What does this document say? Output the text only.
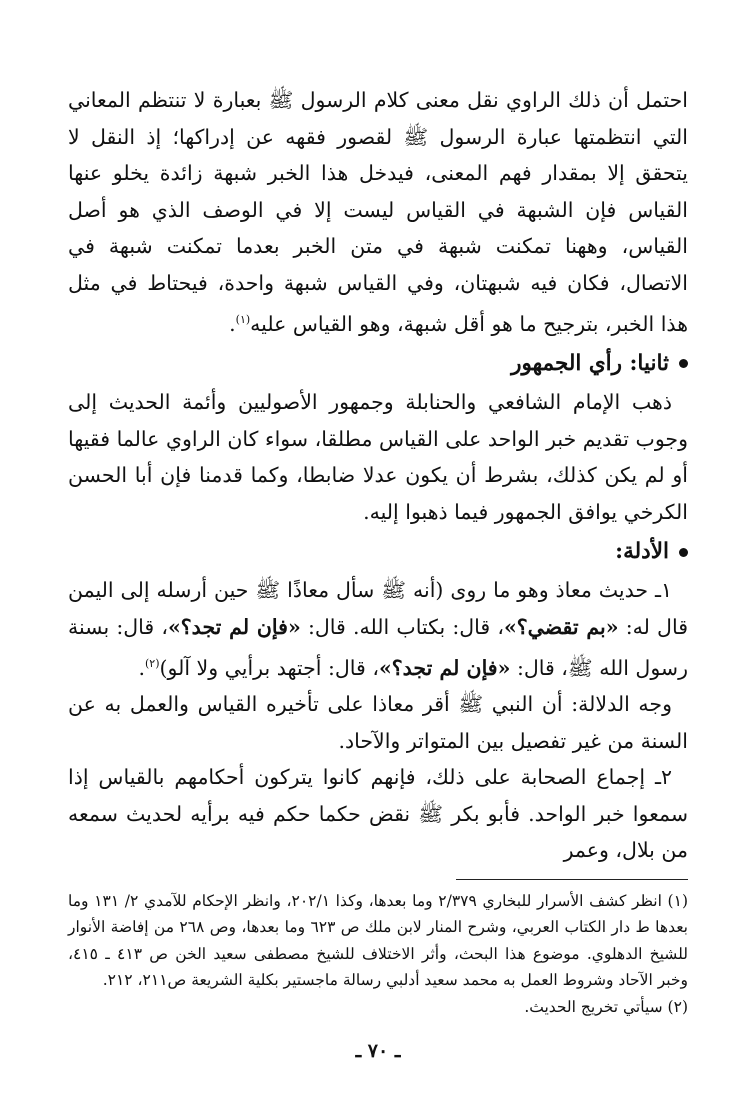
احتمل أن ذلك الراوي نقل معنى كلام الرسول ﷺ بعبارة لا تنتظم المعاني التي انتظمتها عبارة الرسول ﷺ لقصور فقهه عن إدراكها؛ إذ النقل لا يتحقق إلا بمقدار فهم المعنى، فيدخل هذا الخبر شبهة زائدة يخلو عنها القياس فإن الشبهة في القياس ليست إلا في الوصف الذي هو أصل القياس، وههنا تمكنت شبهة في متن الخبر بعدما تمكنت شبهة في الاتصال، فكان فيه شبهتان، وفي القياس شبهة واحدة، فيحتاط في مثل هذا الخبر، بترجيح ما هو أقل شبهة، وهو القياس عليه$^{(١)}$.

ثانيا: رأي الجمهور

ذهب الإمام الشافعي والحنابلة وجمهور الأصوليين وأئمة الحديث إلى وجوب تقديم خبر الواحد على القياس مطلقا، سواء كان الراوي عالما فقيها أو لم يكن كذلك، بشرط أن يكون عدلا ضابطا، وكما قدمنا فإن أبا الحسن الكرخي يوافق الجمهور فيما ذهبوا إليه.

الأدلة:

١ـ حديث معاذ وهو ما روى (أنه ﷺ سأل معاذًا ﷺ حين أرسله إلى اليمن قال له: «بم تقضي؟»، قال: بكتاب الله. قال: «فإن لم تجد؟»، قال: بسنة رسول الله ﷺ، قال: «فإن لم تجد؟»، قال: أجتهد برأيي ولا آلو)$^{(٢)}$.

وجه الدلالة: أن النبي ﷺ أقر معاذا على تأخيره القياس والعمل به عن السنة من غير تفصيل بين المتواتر والآحاد.

٢ـ إجماع الصحابة على ذلك، فإنهم كانوا يتركون أحكامهم بالقياس إذا سمعوا خبر الواحد. فأبو بكر ﷺ نقض حكما حكم فيه برأيه لحديث سمعه من بلال، وعمر

(١) انظر كشف الأسرار للبخاري ٢/٣٧٩ وما بعدها، وكذا ٢٠٢/١، وانظر الإحكام للآمدي ٢/ ١٣١ وما بعدها ط دار الكتاب العربي، وشرح المنار لابن ملك ص ٦٢٣ وما بعدها، وص ٢٦٨ من إفاضة الأنوار للشيخ الدهلوي. موضوع هذا البحث، وأثر الاختلاف للشيخ مصطفى سعيد الخن ص ٤١٣ ـ ٤١٥، وخبر الآحاد وشروط العمل به محمد سعيد أدلبي رسالة ماجستير بكلية الشريعة ص٢١١، ٢١٢.

(٢) سيأتي تخريج الحديث.

ـ ٧٠ ـ
